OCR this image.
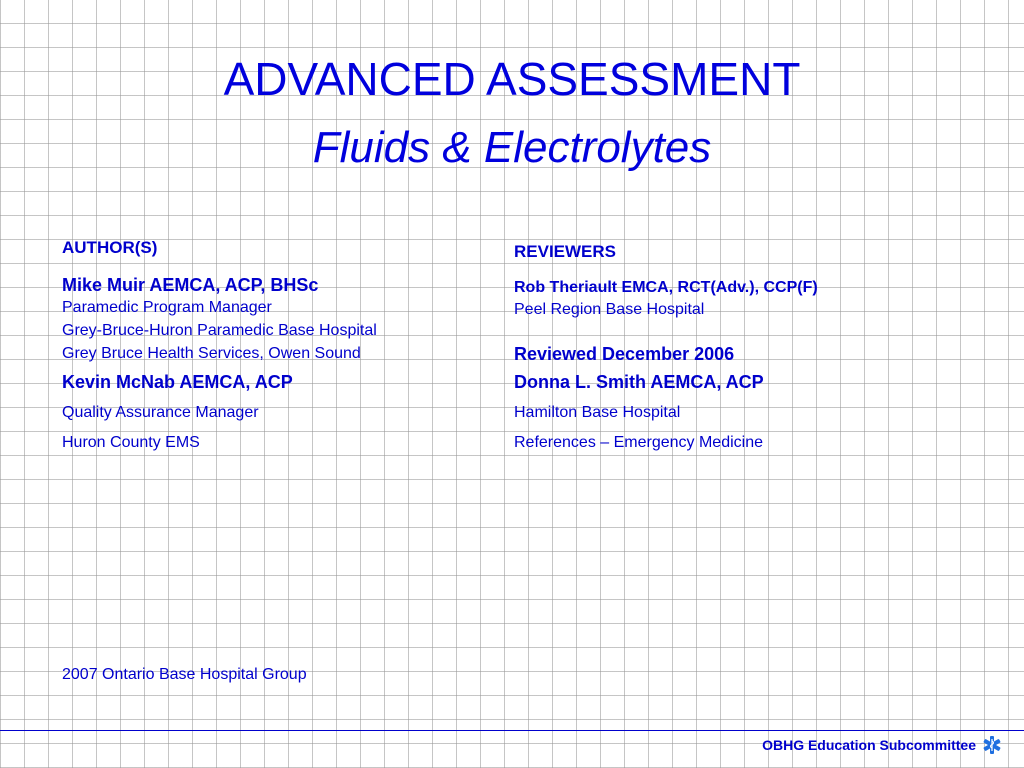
ADVANCED ASSESSMENT
Fluids & Electrolytes
AUTHOR(S)
Mike Muir AEMCA, ACP, BHSc
Paramedic Program Manager
Grey-Bruce-Huron Paramedic Base Hospital
Grey Bruce Health Services, Owen Sound
Kevin McNab AEMCA, ACP
Quality Assurance Manager
Huron County EMS
REVIEWERS
Rob Theriault EMCA, RCT(Adv.), CCP(F)
Peel Region Base Hospital
Reviewed December 2006
Donna L. Smith AEMCA, ACP
Hamilton Base Hospital
References – Emergency Medicine
2007 Ontario Base Hospital Group
OBHG Education Subcommittee
